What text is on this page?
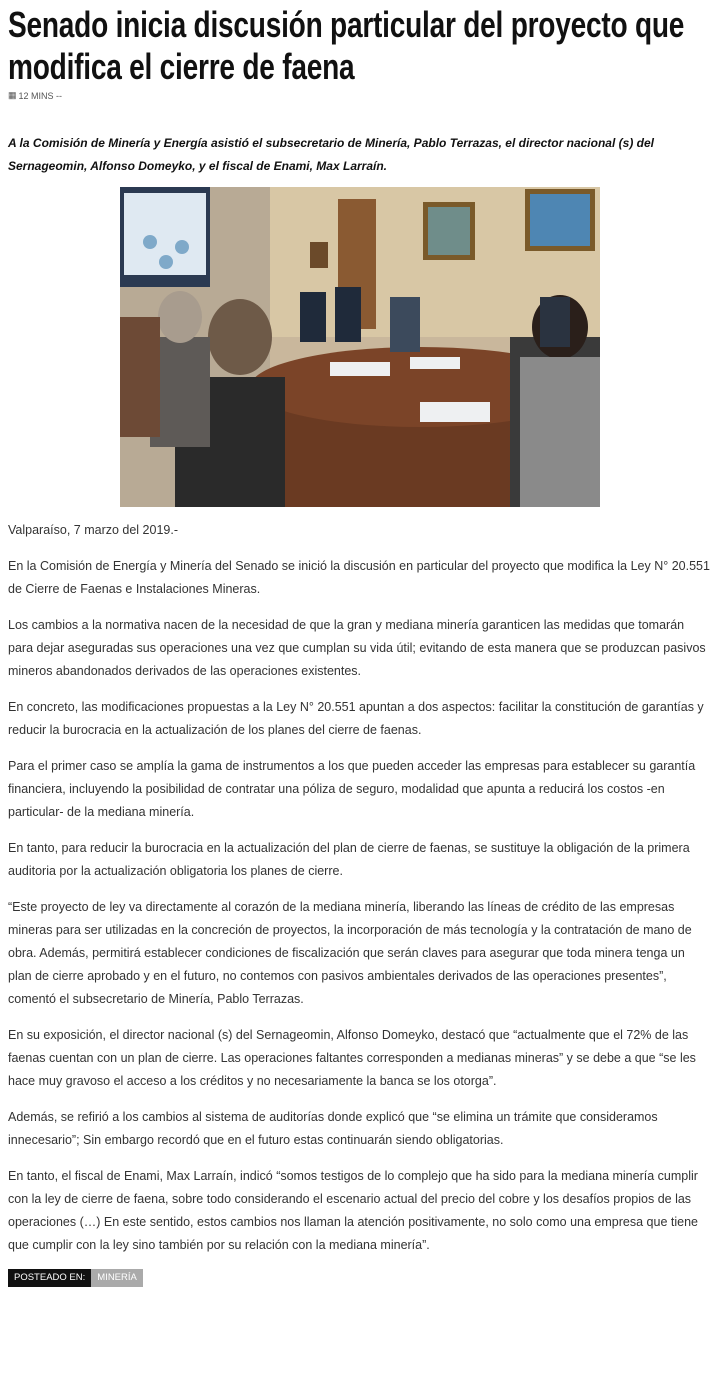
Senado inicia discusión particular del proyecto que modifica el cierre de faena
▦ 12 MINS --

A la Comisión de Minería y Energía asistió el subsecretario de Minería, Pablo Terrazas, el director nacional (s) del Sernageomin, Alfonso Domeyko, y el fiscal de Enami, Max Larraín.

Valparaíso, 7 marzo del 2019.-

En la Comisión de Energía y Minería del Senado se inició la discusión en particular del proyecto que modifica la Ley N° 20.551 de Cierre de Faenas e Instalaciones Mineras.

Los cambios a la normativa nacen de la necesidad de que la gran y mediana minería garanticen las medidas que tomarán para dejar aseguradas sus operaciones una vez que cumplan su vida útil; evitando de esta manera que se produzcan pasivos mineros abandonados derivados de las operaciones existentes.

En concreto, las modificaciones propuestas a la Ley N° 20.551 apuntan a dos aspectos: facilitar la constitución de garantías y reducir la burocracia en la actualización de los planes del cierre de faenas.

Para el primer caso se amplía la gama de instrumentos a los que pueden acceder las empresas para establecer su garantía financiera, incluyendo la posibilidad de contratar una póliza de seguro, modalidad que apunta a reducirá los costos -en particular- de la mediana minería.

En tanto, para reducir la burocracia en la actualización del plan de cierre de faenas, se sustituye la obligación de la primera auditoria por la actualización obligatoria los planes de cierre.

“Este proyecto de ley va directamente al corazón de la mediana minería, liberando las líneas de crédito de las empresas mineras para ser utilizadas en la concreción de proyectos, la incorporación de más tecnología y la contratación de mano de obra. Además, permitirá establecer condiciones de fiscalización que serán claves para asegurar que toda minera tenga un plan de cierre aprobado y en el futuro, no contemos con pasivos ambientales derivados de las operaciones presentes”, comentó el subsecretario de Minería, Pablo Terrazas.

En su exposición, el director nacional (s) del Sernageomin, Alfonso Domeyko, destacó que “actualmente que el 72% de las faenas cuentan con un plan de cierre. Las operaciones faltantes corresponden a medianas mineras” y se debe a que “se les hace muy gravoso el acceso a los créditos y no necesariamente la banca se los otorga”.

Además, se refirió a los cambios al sistema de auditorías donde explicó que “se elimina un trámite que consideramos innecesario”; Sin embargo recordó que en el futuro estas continuarán siendo obligatorias.

En tanto, el fiscal de Enami, Max Larraín, indicó “somos testigos de lo complejo que ha sido para la mediana minería cumplir con la ley de cierre de faena, sobre todo considerando el escenario actual del precio del cobre y los desafíos propios de las operaciones (…) En este sentido, estos cambios nos llaman la atención positivamente, no solo como una empresa que tiene que cumplir con la ley sino también por su relación con la mediana minería”.

POSTEADO EN:	MINERÍA
